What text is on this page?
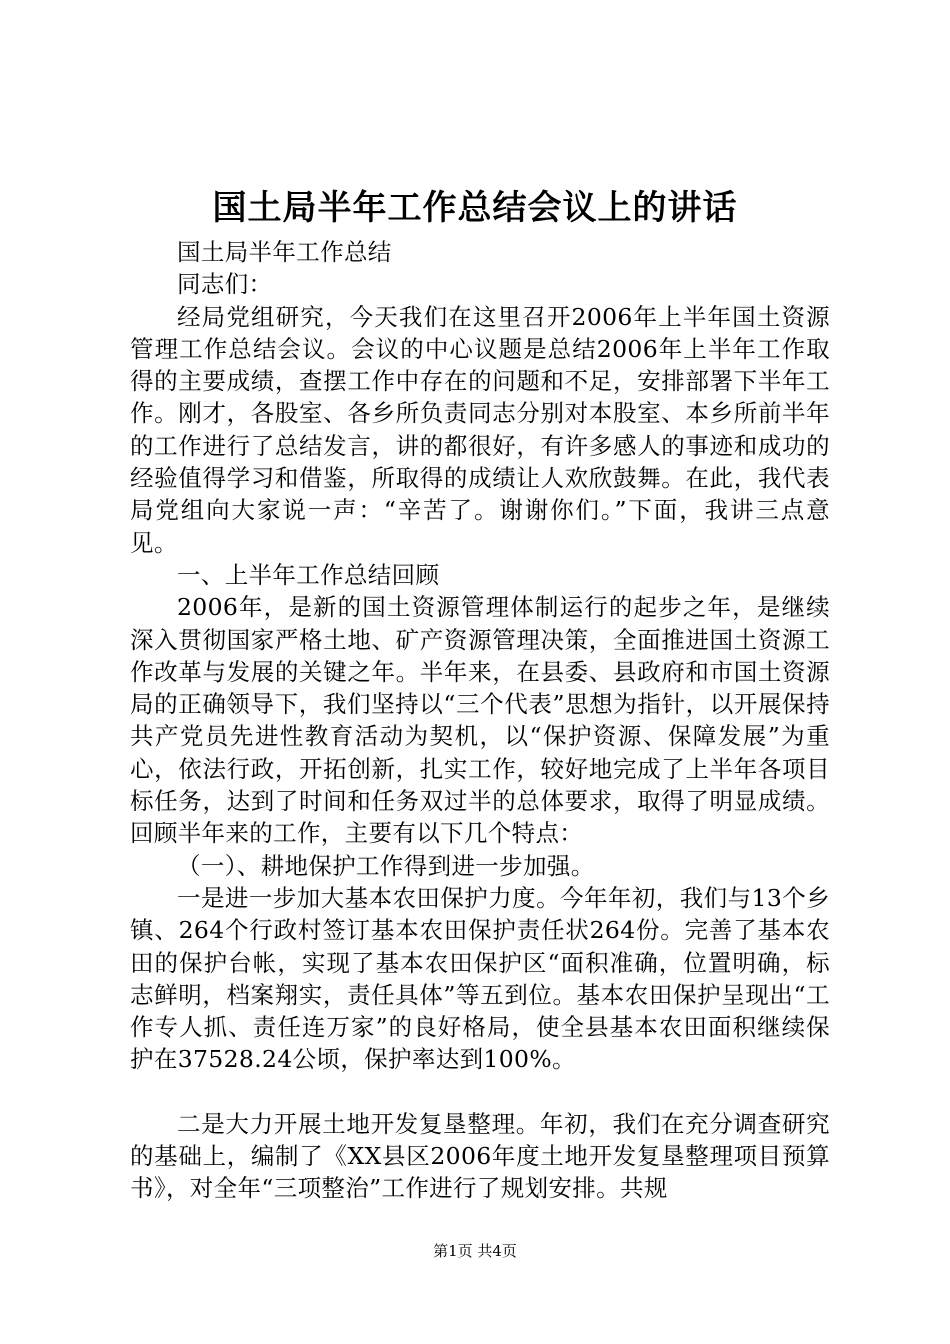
国土局半年工作总结会议上的讲话

国土局半年工作总结

同志们：

经局党组研究，今天我们在这里召开2006年上半年国土资源管理工作总结会议。会议的中心议题是总结2006年上半年工作取得的主要成绩，查摆工作中存在的问题和不足，安排部署下半年工作。刚才，各股室、各乡所负责同志分别对本股室、本乡所前半年的工作进行了总结发言，讲的都很好，有许多感人的事迹和成功的经验值得学习和借鉴，所取得的成绩让人欢欣鼓舞。在此，我代表局党组向大家说一声：“辛苦了。谢谢你们。”下面，我讲三点意见。

一、上半年工作总结回顾

2006年，是新的国土资源管理体制运行的起步之年，是继续深入贯彻国家严格土地、矿产资源管理决策，全面推进国土资源工作改革与发展的关键之年。半年来，在县委、县政府和市国土资源局的正确领导下，我们坚持以“三个代表”思想为指针，以开展保持共产党员先进性教育活动为契机，以“保护资源、保障发展”为重心，依法行政，开拓创新，扎实工作，较好地完成了上半年各项目标任务，达到了时间和任务双过半的总体要求，取得了明显成绩。回顾半年来的工作，主要有以下几个特点：

（一）、耕地保护工作得到进一步加强。

一是进一步加大基本农田保护力度。今年年初，我们与13个乡镇、264个行政村签订基本农田保护责任状264份。完善了基本农田的保护台帐，实现了基本农田保护区“面积准确，位置明确，标志鲜明，档案翔实，责任具体”等五到位。基本农田保护呈现出“工作专人抓、责任连万家”的良好格局，使全县基本农田面积继续保护在37528.24公顷，保护率达到100%。

二是大力开展土地开发复垦整理。年初，我们在充分调查研究的基础上，编制了《XX县区2006年度土地开发复垦整理项目预算书》，对全年“三项整治”工作进行了规划安排。共规

第1页 共4页
